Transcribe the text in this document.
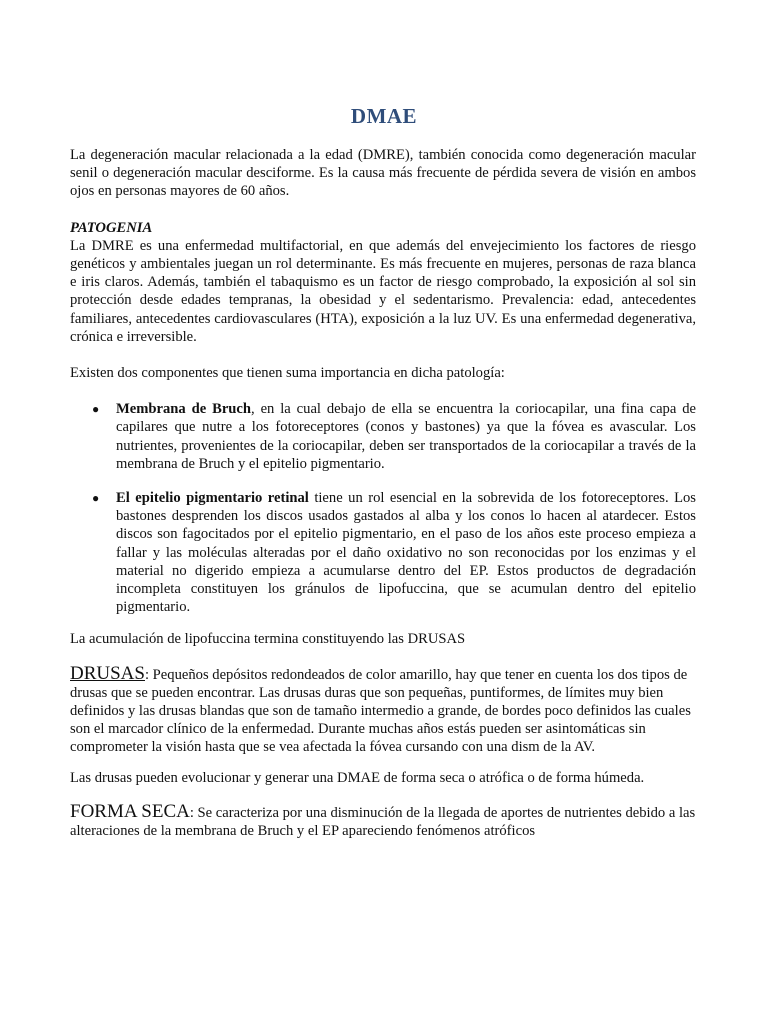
DMAE

La degeneración macular relacionada a la edad (DMRE), también conocida como degeneración macular senil o degeneración macular desciforme. Es la causa más frecuente de pérdida severa de visión en ambos ojos en personas mayores de 60 años.

PATOGENIA

La DMRE es una enfermedad multifactorial, en que además del envejecimiento los factores de riesgo genéticos y ambientales juegan un rol determinante. Es más frecuente en mujeres, personas de raza blanca e iris claros. Además, también el tabaquismo es un factor de riesgo comprobado, la exposición al sol sin protección desde edades tempranas, la obesidad y el sedentarismo. Prevalencia: edad, antecedentes familiares, antecedentes cardiovasculares (HTA), exposición a la luz UV. Es una enfermedad degenerativa, crónica e irreversible.

Existen dos componentes que tienen suma importancia en dicha patología:

● Membrana de Bruch, en la cual debajo de ella se encuentra la coriocapilar, una fina capa de capilares que nutre a los fotoreceptores (conos y bastones) ya que la fóvea es avascular. Los nutrientes, provenientes de la coriocapilar, deben ser transportados de la coriocapilar a través de la membrana de Bruch y el epitelio pigmentario.
● El epitelio pigmentario retinal tiene un rol esencial en la sobrevida de los fotoreceptores. Los bastones desprenden los discos usados gastados al alba y los conos lo hacen al atardecer. Estos discos son fagocitados por el epitelio pigmentario, en el paso de los años este proceso empieza a fallar y las moléculas alteradas por el daño oxidativo no son reconocidas por los enzimas y el material no digerido empieza a acumularse dentro del EP. Estos productos de degradación incompleta constituyen los gránulos de lipofuccina, que se acumulan dentro del epitelio pigmentario.

La acumulación de lipofuccina termina constituyendo las DRUSAS

DRUSAS: Pequeños depósitos redondeados de color amarillo, hay que tener en cuenta los dos tipos de drusas que se pueden encontrar. Las drusas duras que son pequeñas, puntiformes, de límites muy bien definidos y las drusas blandas que son de tamaño intermedio a grande, de bordes poco definidos las cuales son el marcador clínico de la enfermedad. Durante muchas años estás pueden ser asintomáticas sin comprometer la visión hasta que se vea afectada la fóvea cursando con una dism de la AV.

Las drusas pueden evolucionar y generar una DMAE de forma seca o atrófica o de forma húmeda.

FORMA SECA: Se caracteriza por una disminución de la llegada de aportes de nutrientes debido a las alteraciones de la membrana de Bruch y el EP apareciendo fenómenos atróficos
